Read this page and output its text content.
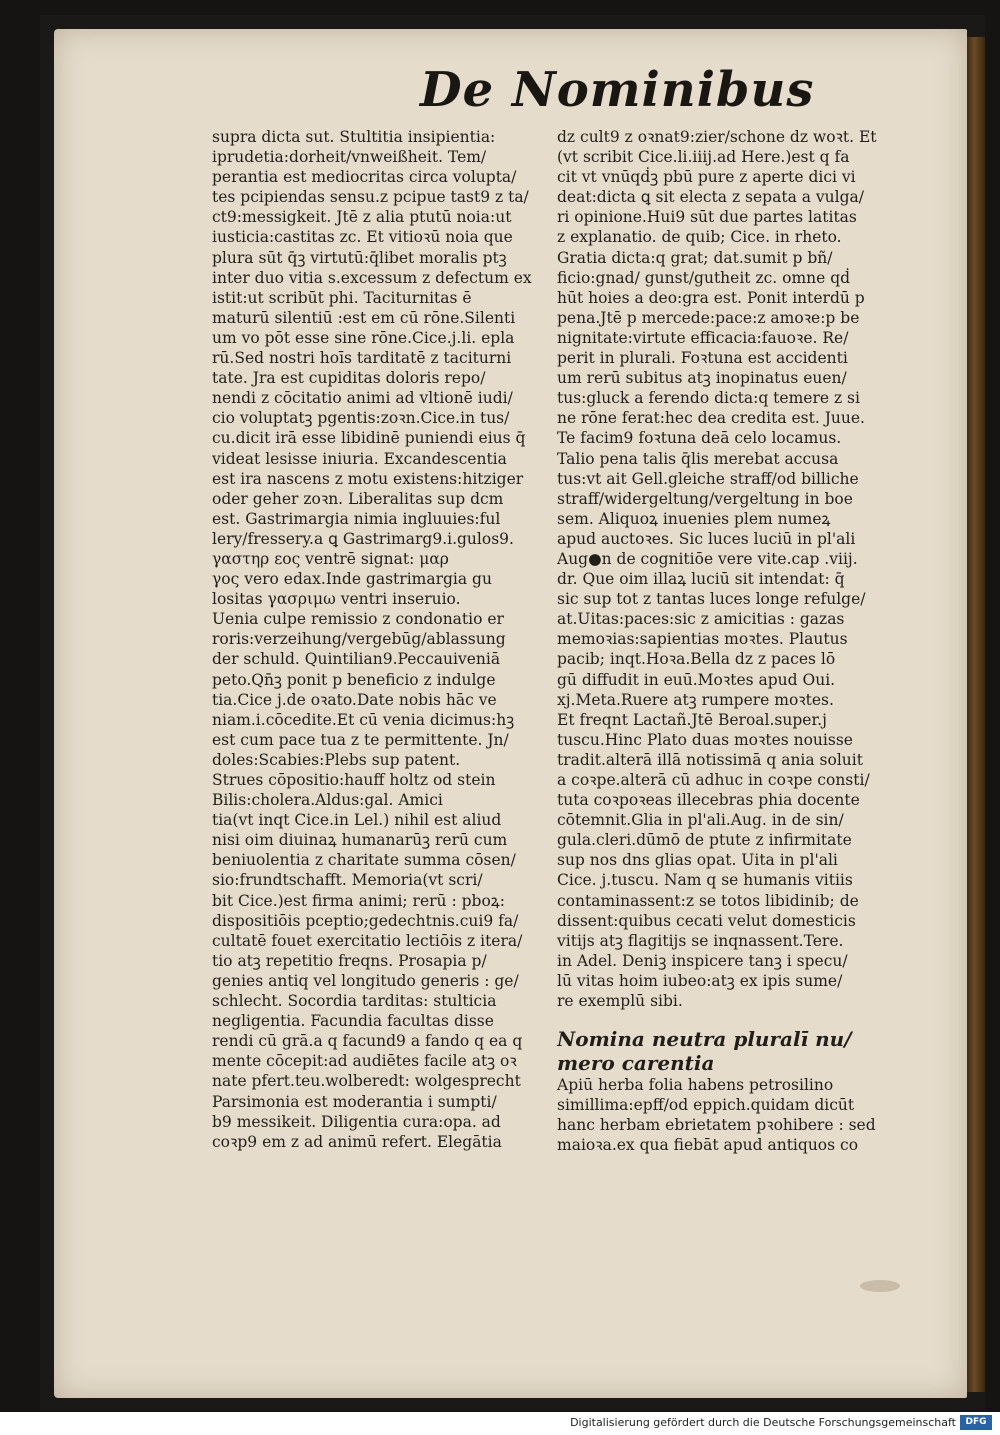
De Nominibus
supra dicta sut. Stultitia insipientia:
iprudetia:dorheit/vnweißheit. Tem/
perantia est mediocritas circa volupta/
tes pcipiendas sensu.z pcipue tast9 z ta/
ct9:messigkeit. Jtē z alia ptutū noia:ut
iusticia:castitas zc. Et vitioꝛū noia que
plura sūt q̄ꝫ virtutū:q̄libet moralis ptꝫ
inter duo vitia s.excessum z defectum ex
istit:ut scribūt phi. Taciturnitas ē
maturū silentiū :est em cū rōne.Silenti
um vo pōt esse sine rōne.Cice.j.li. epla
rū.Sed nostri hoīs tarditatē z taciturni
tate. Jra est cupiditas doloris repo/
nendi z cōcitatio animi ad vltionē iudi/
cio voluptatꝫ pgentis:zoꝛn.Cice.in tus/
cu.dicit irā esse libidinē puniendi eius q̄
videat lesisse iniuria. Excandescentia
est ira nascens z motu existens:hitziger
oder geher zoꝛn. Liberalitas sup dcm
est. Gastrimargia nimia ingluuies:ful
lery/fressery.a ꝗ Gastrimarg9.i.gulos9.
γαστηρ εος ventrē signat: μαρ
γος vero edax.Inde gastrimargia gu
lositas γασριμω ventri inseruio.
Uenia culpe remissio z condonatio er
roris:verzeihung/vergebūg/ablassung
der schuld. Quintilian9.Peccauiveniā
peto.Qn̄ꝫ ponit p beneficio z indulge
tia.Cice j.de oꝛato.Date nobis hāc ve
niam.i.cōcedite.Et cū venia dicimus:hꝫ
est cum pace tua z te permittente. Jn/
doles:Scabies:Plebs sup patent.
Strues cōpositio:hauff holtz od stein
Bilis:cholera.Aldus:gal. Amici
tia(vt inqt Cice.in Lel.) nihil est aliud
nisi oim diuinaꝝ humanarūꝫ rerū cum
beniuolentia z charitate summa cōsen/
sio:frundtschafft. Memoria(vt scri/
bit Cice.)est firma animi; rerū : pboꝝ:
dispositiōis pceptio;gedechtnis.cui9 fa/
cultatē fouet exercitatio lectiōis z itera/
tio atꝫ repetitio freqns. Prosapia p/
genies antiq vel longitudo generis : ge/
schlecht. Socordia tarditas: stulticia
negligentia. Facundia facultas disse
rendi cū grā.a q facund9 a fando q ea q
mente cōcepit:ad audiētes facile atꝫ oꝛ
nate pfert.teu.wolberedt: wolgesprecht
Parsimonia est moderantia i sumpti/
b9 messikeit. Diligentia cura:opa. ad
coꝛp9 em z ad animū refert. Elegātia
dz cult9 z oꝛnat9:zier/schone dz woꝛt. Et
(vt scribit Cice.li.iiij.ad Here.)est q fa
cit vt vnūqḋꝫ pbū pure z aperte dici vi
deat:dicta ꝗ sit electa z sepata a vulga/
ri opinione.Hui9 sūt due partes latitas
z explanatio. de quib; Cice. in rheto.
Gratia dicta:q grat; dat.sumit p bñ/
ficio:gnad/ gunst/gutheit zc. omne qḋ
hūt hoies a deo:gra est. Ponit interdū p
pena.Jtē p mercede:pace:z amoꝛe:p be
nignitate:virtute efficacia:fauoꝛe. Re/
perit in plurali. Foꝛtuna est accidenti
um rerū subitus atꝫ inopinatus euen/
tus:gluck a ferendo dicta:q temere z si
ne rōne ferat:hec dea credita est. Juue.
Te facim9 foꝛtuna deā celo locamus.
Talio pena talis q̄lis merebat accusa
tus:vt ait Gell.gleiche straff/od billiche
straff/widergeltung/vergeltung in boe
sem. Aliquoꝝ inuenies plem numeꝝ
apud auctoꝛes. Sic luces luciū in pl'ali
Aug●n de cognitiōe vere vite.cap .viij.
dr. Que oim illaꝝ luciū sit intendat: q̄
sic sup tot z tantas luces longe refulge/
at.Uitas:paces:sic z amicitias : gazas
memoꝛias:sapientias moꝛtes. Plautus
pacib; inqt.Hoꝛa.Bella dz z paces lō
gū diffudit in euū.Moꝛtes apud Oui.
xj.Meta.Ruere atꝫ rumpere moꝛtes.
Et freqnt Lactañ.Jtē Beroal.super.j
tuscu.Hinc Plato duas moꝛtes nouisse
tradit.alterā illā notissimā q ania soluit
a coꝛpe.alterā cū adhuc in coꝛpe consti/
tuta coꝛpoꝛeas illecebras phia docente
cōtemnit.Glia in pl'ali.Aug. in de sin/
gula.cleri.dūmō de ptute z infirmitate
sup nos dns glias opat. Uita in pl'ali
Cice. j.tuscu. Nam q se humanis vitiis
contaminassent:z se totos libidinib; de
dissent:quibus cecati velut domesticis
vitijs atꝫ flagitijs se inqnassent.Tere.
in Adel. Deniꝫ inspicere tanꝫ i specu/
lū vitas hoim iubeo:atꝫ ex ipis sume/
re exemplū sibi.
Nomina neutra pluralī nu/
mero carentia
Apiū herba folia habens petrosilino
simillima:epff/od eppich.quidam dicūt
hanc herbam ebrietatem pꝛohibere : sed
maioꝛa.ex qua fiebāt apud antiquos co
Digitalisierung gefördert durch die Deutsche Forschungsgemeinschaft	DFG
